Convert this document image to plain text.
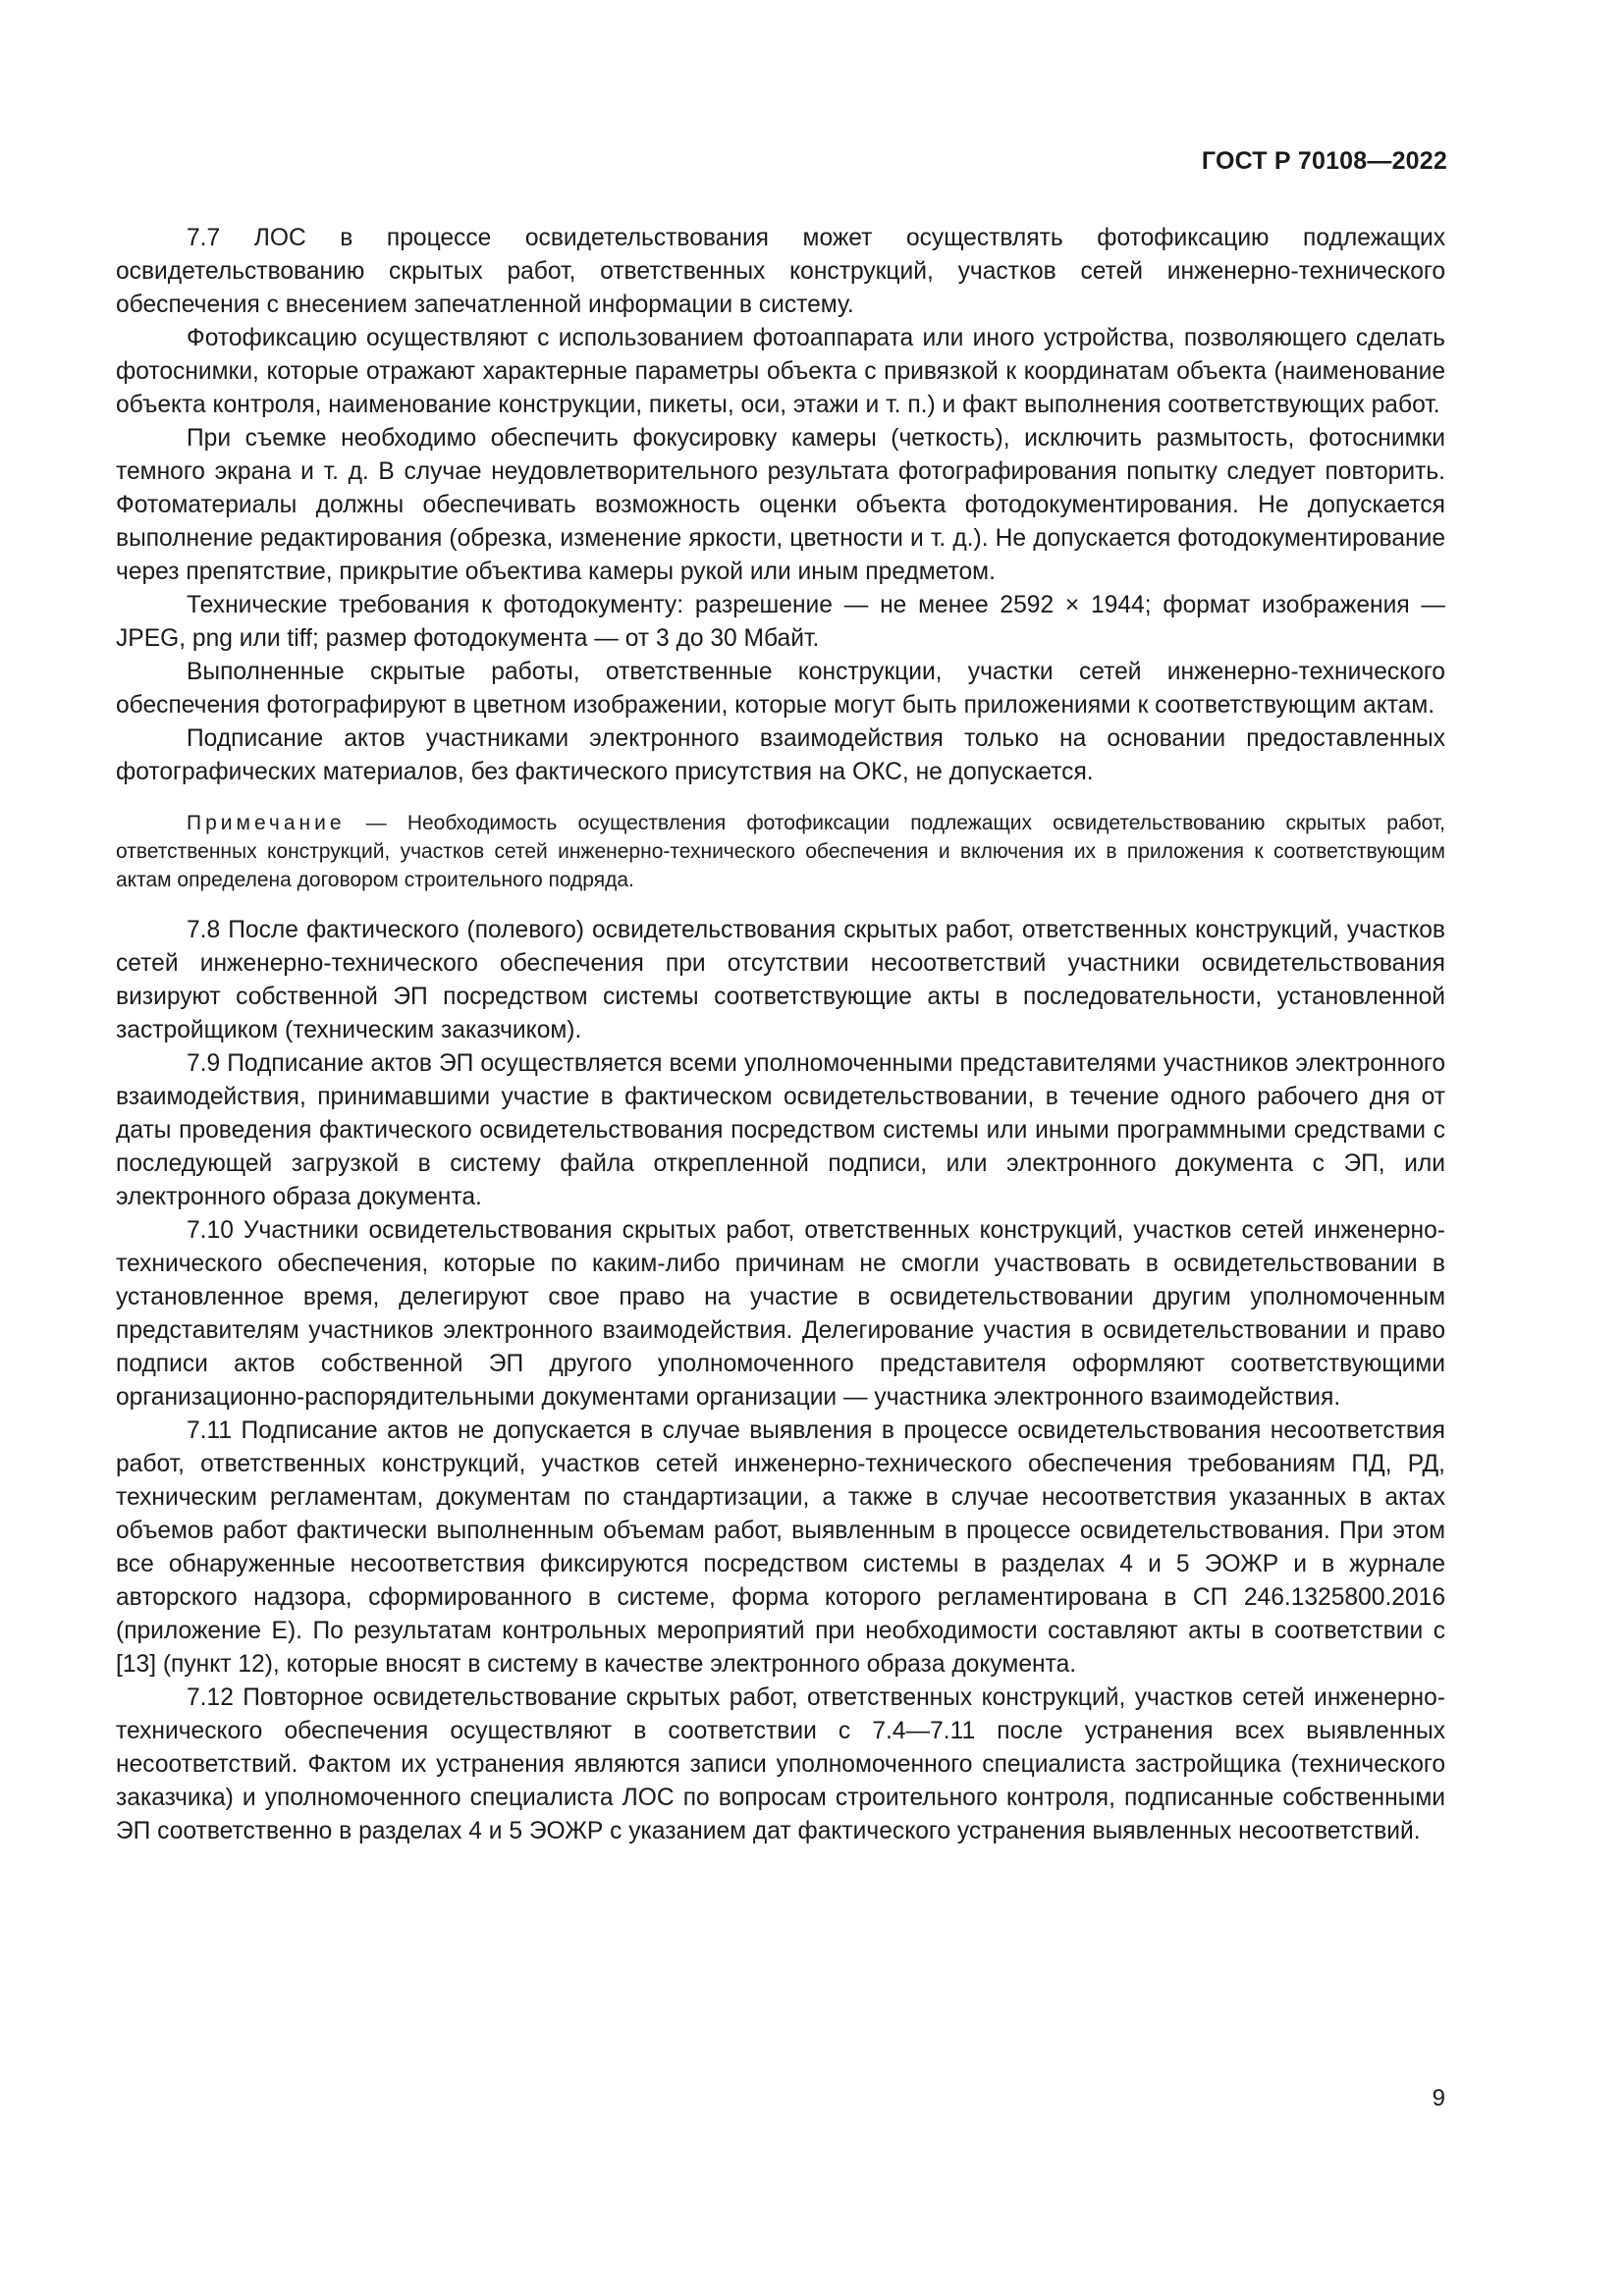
ГОСТ Р 70108—2022

7.7 ЛОС в процессе освидетельствования может осуществлять фотофиксацию подлежащих освидетельствованию скрытых работ, ответственных конструкций, участков сетей инженерно-технического обеспечения с внесением запечатленной информации в систему.

Фотофиксацию осуществляют с использованием фотоаппарата или иного устройства, позволяющего сделать фотоснимки, которые отражают характерные параметры объекта с привязкой к координатам объекта (наименование объекта контроля, наименование конструкции, пикеты, оси, этажи и т. п.) и факт выполнения соответствующих работ.

При съемке необходимо обеспечить фокусировку камеры (четкость), исключить размытость, фотоснимки темного экрана и т. д. В случае неудовлетворительного результата фотографирования попытку следует повторить. Фотоматериалы должны обеспечивать возможность оценки объекта фотодокументирования. Не допускается выполнение редактирования (обрезка, изменение яркости, цветности и т. д.). Не допускается фотодокументирование через препятствие, прикрытие объектива камеры рукой или иным предметом.

Технические требования к фотодокументу: разрешение — не менее 2592 × 1944; формат изображения — JPEG, png или tiff; размер фотодокумента — от 3 до 30 Мбайт.

Выполненные скрытые работы, ответственные конструкции, участки сетей инженерно-технического обеспечения фотографируют в цветном изображении, которые могут быть приложениями к соответствующим актам.

Подписание актов участниками электронного взаимодействия только на основании предоставленных фотографических материалов, без фактического присутствия на ОКС, не допускается.

Примечание — Необходимость осуществления фотофиксации подлежащих освидетельствованию скрытых работ, ответственных конструкций, участков сетей инженерно-технического обеспечения и включения их в приложения к соответствующим актам определена договором строительного подряда.

7.8 После фактического (полевого) освидетельствования скрытых работ, ответственных конструкций, участков сетей инженерно-технического обеспечения при отсутствии несоответствий участники освидетельствования визируют собственной ЭП посредством системы соответствующие акты в последовательности, установленной застройщиком (техническим заказчиком).

7.9 Подписание актов ЭП осуществляется всеми уполномоченными представителями участников электронного взаимодействия, принимавшими участие в фактическом освидетельствовании, в течение одного рабочего дня от даты проведения фактического освидетельствования посредством системы или иными программными средствами с последующей загрузкой в систему файла открепленной подписи, или электронного документа с ЭП, или электронного образа документа.

7.10 Участники освидетельствования скрытых работ, ответственных конструкций, участков сетей инженерно-технического обеспечения, которые по каким-либо причинам не смогли участвовать в освидетельствовании в установленное время, делегируют свое право на участие в освидетельствовании другим уполномоченным представителям участников электронного взаимодействия. Делегирование участия в освидетельствовании и право подписи актов собственной ЭП другого уполномоченного представителя оформляют соответствующими организационно-распорядительными документами организации — участника электронного взаимодействия.

7.11 Подписание актов не допускается в случае выявления в процессе освидетельствования несоответствия работ, ответственных конструкций, участков сетей инженерно-технического обеспечения требованиям ПД, РД, техническим регламентам, документам по стандартизации, а также в случае несоответствия указанных в актах объемов работ фактически выполненным объемам работ, выявленным в процессе освидетельствования. При этом все обнаруженные несоответствия фиксируются посредством системы в разделах 4 и 5 ЭОЖР и в журнале авторского надзора, сформированного в системе, форма которого регламентирована в СП 246.1325800.2016 (приложение Е). По результатам контрольных мероприятий при необходимости составляют акты в соответствии с [13] (пункт 12), которые вносят в систему в качестве электронного образа документа.

7.12 Повторное освидетельствование скрытых работ, ответственных конструкций, участков сетей инженерно-технического обеспечения осуществляют в соответствии с 7.4—7.11 после устранения всех выявленных несоответствий. Фактом их устранения являются записи уполномоченного специалиста застройщика (технического заказчика) и уполномоченного специалиста ЛОС по вопросам строительного контроля, подписанные собственными ЭП соответственно в разделах 4 и 5 ЭОЖР с указанием дат фактического устранения выявленных несоответствий.

9
